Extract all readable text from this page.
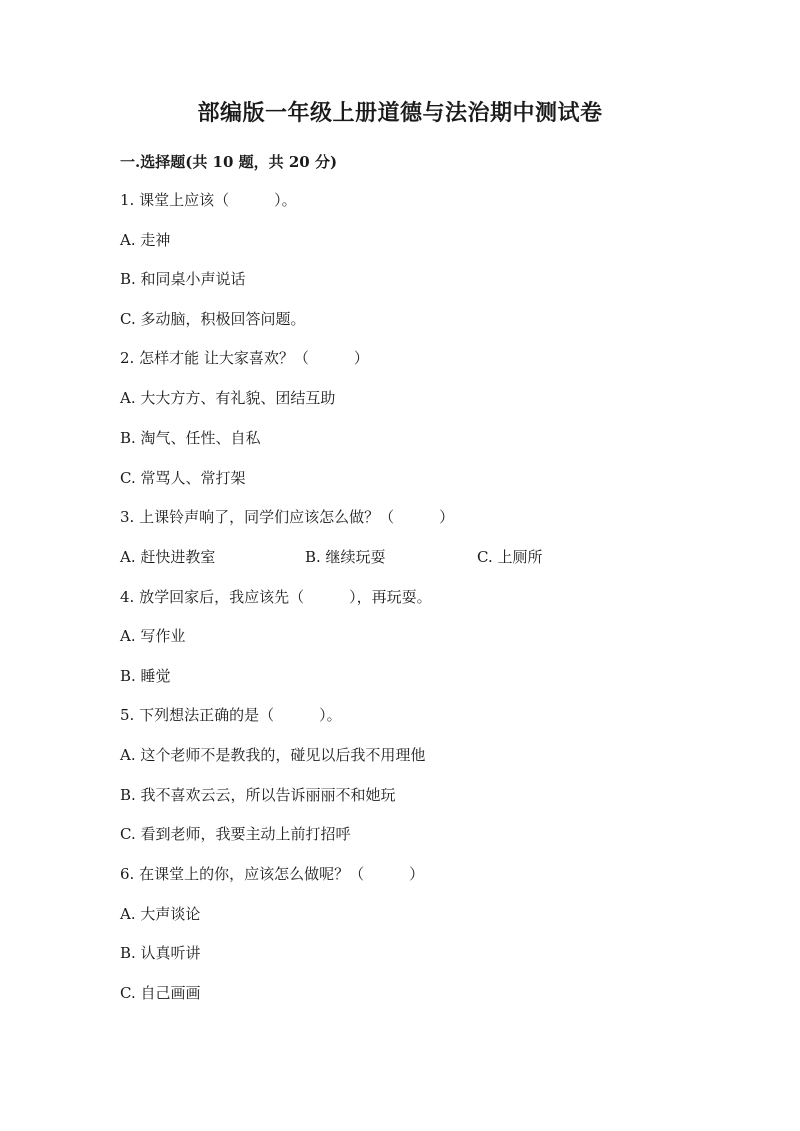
部编版一年级上册道德与法治期中测试卷
一.选择题(共 10 题，共 20 分)
1. 课堂上应该（　　　）。
A. 走神
B. 和同桌小声说话
C. 多动脑，积极回答问题。
2. 怎样才能 让大家喜欢？（　　　）
A. 大大方方、有礼貌、团结互助
B. 淘气、任性、自私
C. 常骂人、常打架
3. 上课铃声响了，同学们应该怎么做？（　　　）
A. 赶快进教室	B. 继续玩耍	C. 上厕所
4. 放学回家后，我应该先（　　　），再玩耍。
A. 写作业
B. 睡觉
5. 下列想法正确的是（　　　）。
A. 这个老师不是教我的，碰见以后我不用理他
B. 我不喜欢云云，所以告诉丽丽不和她玩
C. 看到老师，我要主动上前打招呼
6. 在课堂上的你，应该怎么做呢？（　　　）
A. 大声谈论
B. 认真听讲
C. 自己画画
